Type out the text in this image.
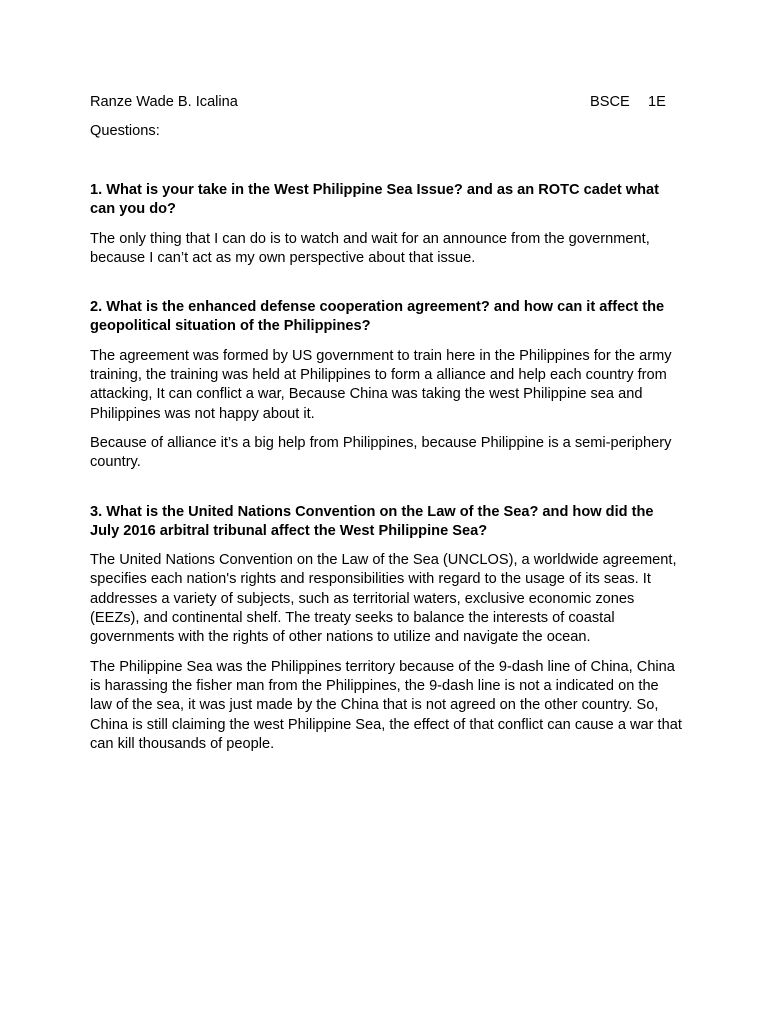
Ranze Wade B. Icalina	BSCE 1E
Questions:

1. What is your take in the West Philippine Sea Issue? and as an ROTC cadet what can you do?

The only thing that I can do is to watch and wait for an announce from the government, because I can’t act as my own perspective about that issue.

2. What is the enhanced defense cooperation agreement? and how can it affect the geopolitical situation of the Philippines?

The agreement was formed by US government to train here in the Philippines for the army training, the training was held at Philippines to form a alliance and help each country from attacking, It can conflict a war, Because China was taking the west Philippine sea and Philippines was not happy about it.

Because of alliance it’s a big help from Philippines, because Philippine is a semi-periphery country.

3. What is the United Nations Convention on the Law of the Sea? and how did the July 2016 arbitral tribunal affect the West Philippine Sea?

The United Nations Convention on the Law of the Sea (UNCLOS), a worldwide agreement, specifies each nation's rights and responsibilities with regard to the usage of its seas. It addresses a variety of subjects, such as territorial waters, exclusive economic zones (EEZs), and continental shelf. The treaty seeks to balance the interests of coastal governments with the rights of other nations to utilize and navigate the ocean.

The Philippine Sea was the Philippines territory because of the 9-dash line of China, China is harassing the fisher man from the Philippines, the 9-dash line is not a indicated on the law of the sea, it was just made by the China that is not agreed on the other country. So, China is still claiming the west Philippine Sea, the effect of that conflict can cause a war that can kill thousands of people.
